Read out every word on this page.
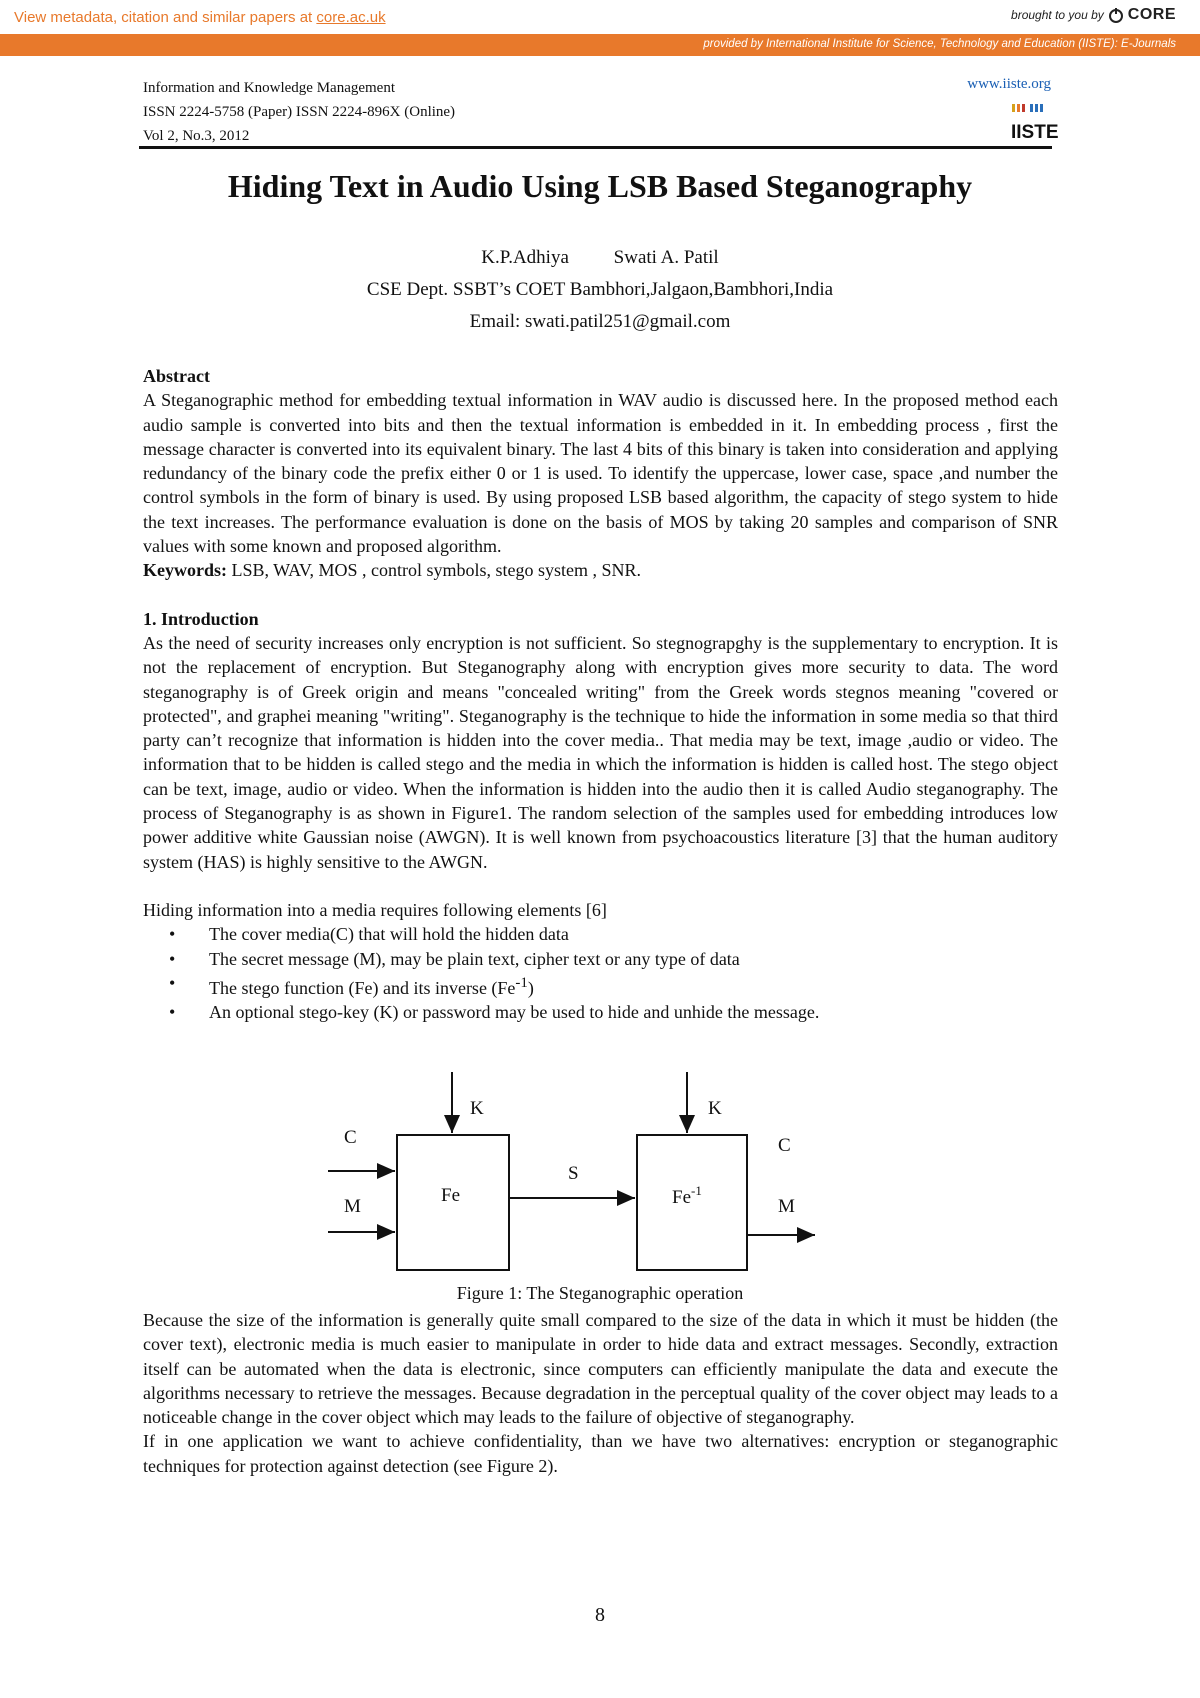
View metadata, citation and similar papers at core.ac.uk	brought to you by CORE
provided by International Institute for Science, Technology and Education (IISTE): E-Journals
Information and Knowledge Management
ISSN 2224-5758 (Paper) ISSN 2224-896X (Online)
Vol 2, No.3, 2012
www.iiste.org
IISTE
Hiding Text in Audio Using LSB Based Steganography
K.P.Adhiya Swati A. Patil
CSE Dept. SSBT’s COET Bambhori,Jalgaon,Bambhori,India
Email: swati.patil251@gmail.com

Abstract

A Steganographic method for embedding textual information in WAV audio is discussed here. In the proposed method each audio sample is converted into bits and then the textual information is embedded in it. In embedding process , first the message character is converted into its equivalent binary. The last 4 bits of this binary is taken into consideration and applying redundancy of the binary code the prefix either 0 or 1 is used. To identify the uppercase, lower case, space ,and number the control symbols in the form of binary is used. By using proposed LSB based algorithm, the capacity of stego system to hide the text increases. The performance evaluation is done on the basis of MOS by taking 20 samples and comparison of SNR values with some known and proposed algorithm.

Keywords: LSB, WAV, MOS , control symbols, stego system , SNR.

1. Introduction

As the need of security increases only encryption is not sufficient. So stegnograpghy is the supplementary to encryption. It is not the replacement of encryption. But Steganography along with encryption gives more security to data. The word steganography is of Greek origin and means "concealed writing" from the Greek words stegnos meaning "covered or protected", and graphei meaning "writing". Steganography is the technique to hide the information in some media so that third party can’t recognize that information is hidden into the cover media.. That media may be text, image ,audio or video. The information that to be hidden is called stego and the media in which the information is hidden is called host. The stego object can be text, image, audio or video. When the information is hidden into the audio then it is called Audio steganography. The process of Steganography is as shown in Figure1. The random selection of the samples used for embedding introduces low power additive white Gaussian noise (AWGN). It is well known from psychoacoustics literature [3] that the human auditory system (HAS) is highly sensitive to the AWGN.

Hiding information into a media requires following elements [6]

• The cover media(C) that will hold the hidden data
• The secret message (M), may be plain text, cipher text or any type of data
• The stego function (Fe) and its inverse $(Fe^{-1})$
• An optional stego-key (K) or password may be used to hide and unhide the message.
K	K
C
M
S
C
M
Fe	$Fe^{-1}$
Figure 1: The Steganographic operation

Because the size of the information is generally quite small compared to the size of the data in which it must be hidden (the cover text), electronic media is much easier to manipulate in order to hide data and extract messages. Secondly, extraction itself can be automated when the data is electronic, since computers can efficiently manipulate the data and execute the algorithms necessary to retrieve the messages. Because degradation in the perceptual quality of the cover object may leads to a noticeable change in the cover object which may leads to the failure of objective of steganography.

If in one application we want to achieve confidentiality, than we have two alternatives: encryption or steganographic techniques for protection against detection (see Figure 2).

8
